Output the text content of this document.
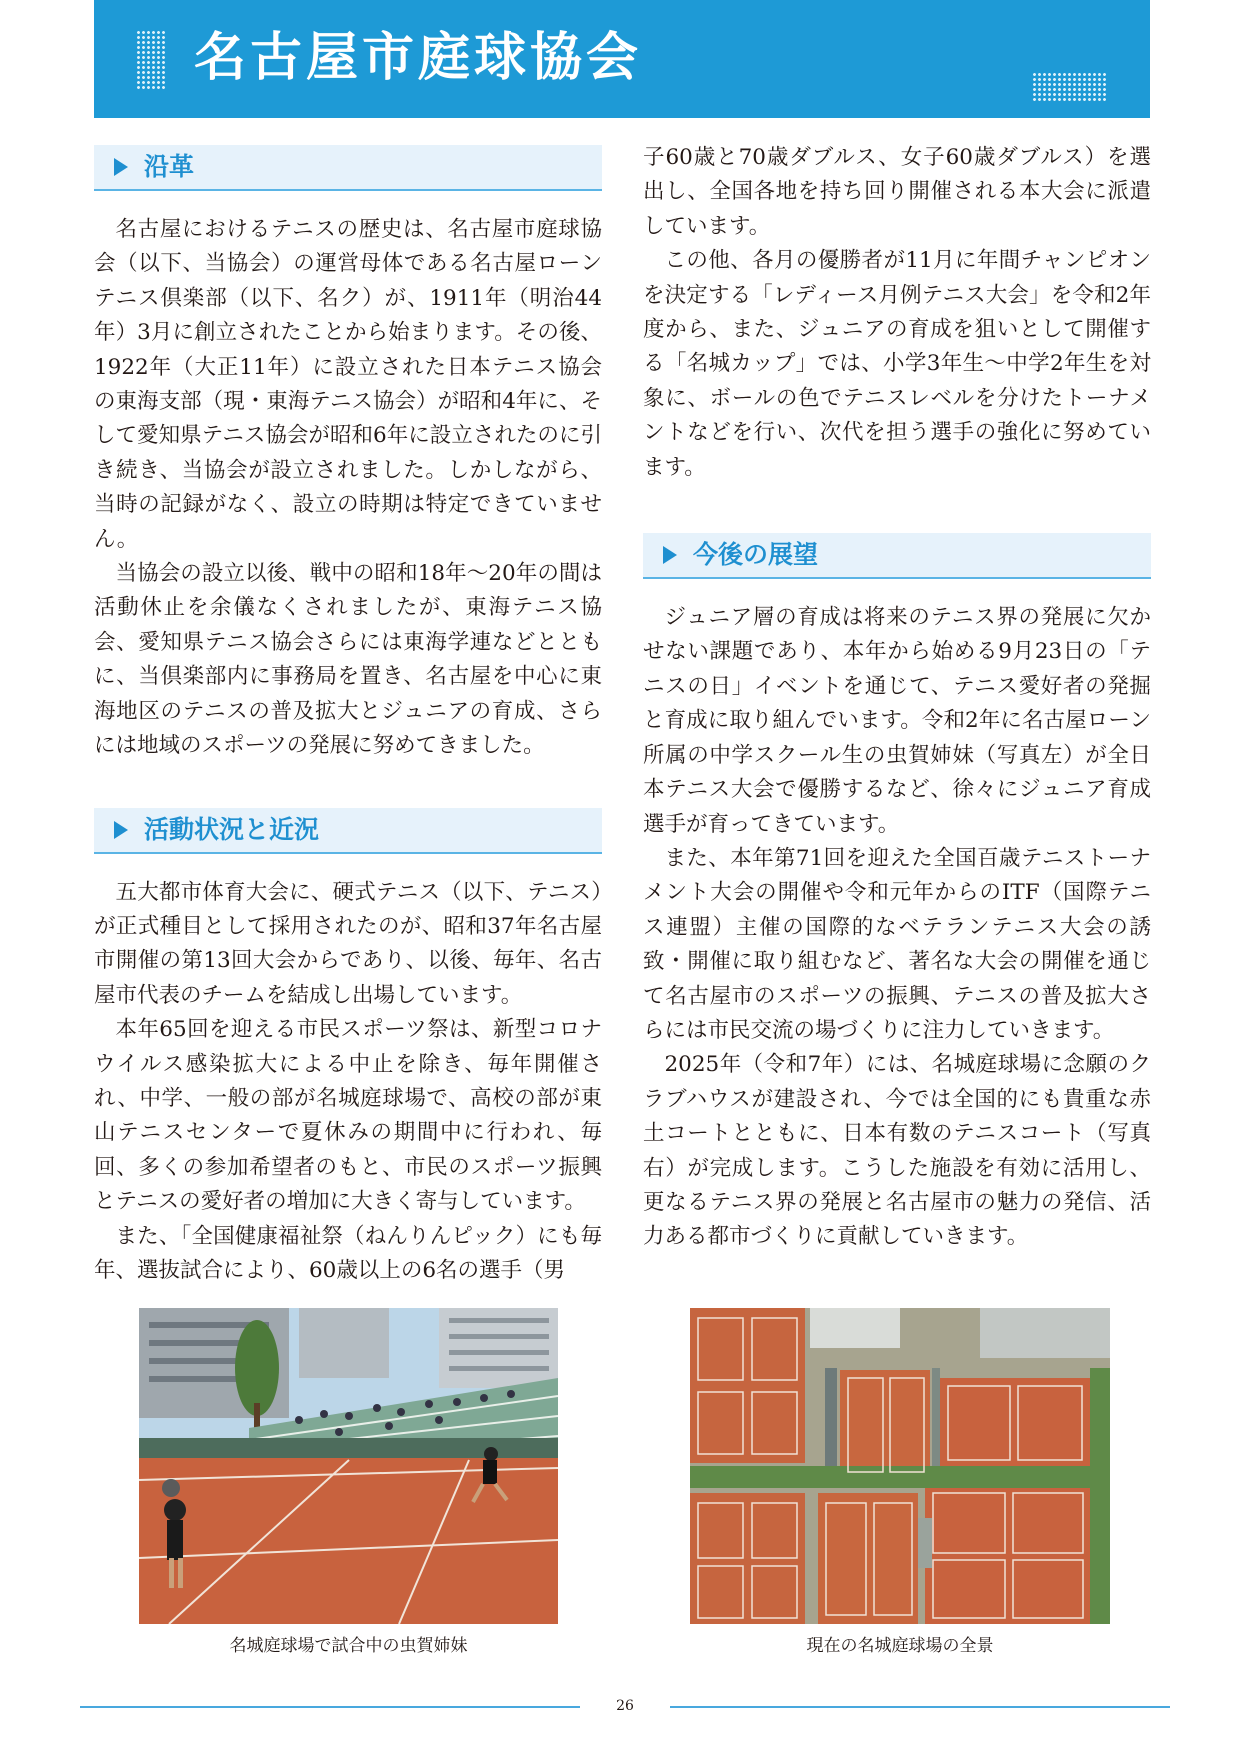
名古屋市庭球協会
沿革

名古屋におけるテニスの歴史は、名古屋市庭球協会（以下、当協会）の運営母体である名古屋ローンテニス倶楽部（以下、名ク）が、1911年（明治44年）3月に創立されたことから始まります。その後、1922年（大正11年）に設立された日本テニス協会の東海支部（現・東海テニス協会）が昭和4年に、そして愛知県テニス協会が昭和6年に設立されたのに引き続き、当協会が設立されました。しかしながら、当時の記録がなく、設立の時期は特定できていません。

当協会の設立以後、戦中の昭和18年～20年の間は活動休止を余儀なくされましたが、東海テニス協会、愛知県テニス協会さらには東海学連などとともに、当倶楽部内に事務局を置き、名古屋を中心に東海地区のテニスの普及拡大とジュニアの育成、さらには地域のスポーツの発展に努めてきました。

活動状況と近況

五大都市体育大会に、硬式テニス（以下、テニス）が正式種目として採用されたのが、昭和37年名古屋市開催の第13回大会からであり、以後、毎年、名古屋市代表のチームを結成し出場しています。

本年65回を迎える市民スポーツ祭は、新型コロナウイルス感染拡大による中止を除き、毎年開催され、中学、一般の部が名城庭球場で、高校の部が東山テニスセンターで夏休みの期間中に行われ、毎回、多くの参加希望者のもと、市民のスポーツ振興とテニスの愛好者の増加に大きく寄与しています。

また、「全国健康福祉祭（ねんりんピック）にも毎年、選抜試合により、60歳以上の6名の選手（男

子60歳と70歳ダブルス、女子60歳ダブルス）を選出し、全国各地を持ち回り開催される本大会に派遣しています。

この他、各月の優勝者が11月に年間チャンピオンを決定する「レディース月例テニス大会」を令和2年度から、また、ジュニアの育成を狙いとして開催する「名城カップ」では、小学3年生～中学2年生を対象に、ボールの色でテニスレベルを分けたトーナメントなどを行い、次代を担う選手の強化に努めています。

今後の展望

ジュニア層の育成は将来のテニス界の発展に欠かせない課題であり、本年から始める9月23日の「テニスの日」イベントを通じて、テニス愛好者の発掘と育成に取り組んでいます。令和2年に名古屋ローン所属の中学スクール生の虫賀姉妹（写真左）が全日本テニス大会で優勝するなど、徐々にジュニア育成選手が育ってきています。

また、本年第71回を迎えた全国百歳テニストーナメント大会の開催や令和元年からのITF（国際テニス連盟）主催の国際的なベテランテニス大会の誘致・開催に取り組むなど、著名な大会の開催を通じて名古屋市のスポーツの振興、テニスの普及拡大さらには市民交流の場づくりに注力していきます。

2025年（令和7年）には、名城庭球場に念願のクラブハウスが建設され、今では全国的にも貴重な赤土コートとともに、日本有数のテニスコート（写真右）が完成します。こうした施設を有効に活用し、更なるテニス界の発展と名古屋市の魅力の発信、活力ある都市づくりに貢献していきます。

名城庭球場で試合中の虫賀姉妹	現在の名城庭球場の全景
26
